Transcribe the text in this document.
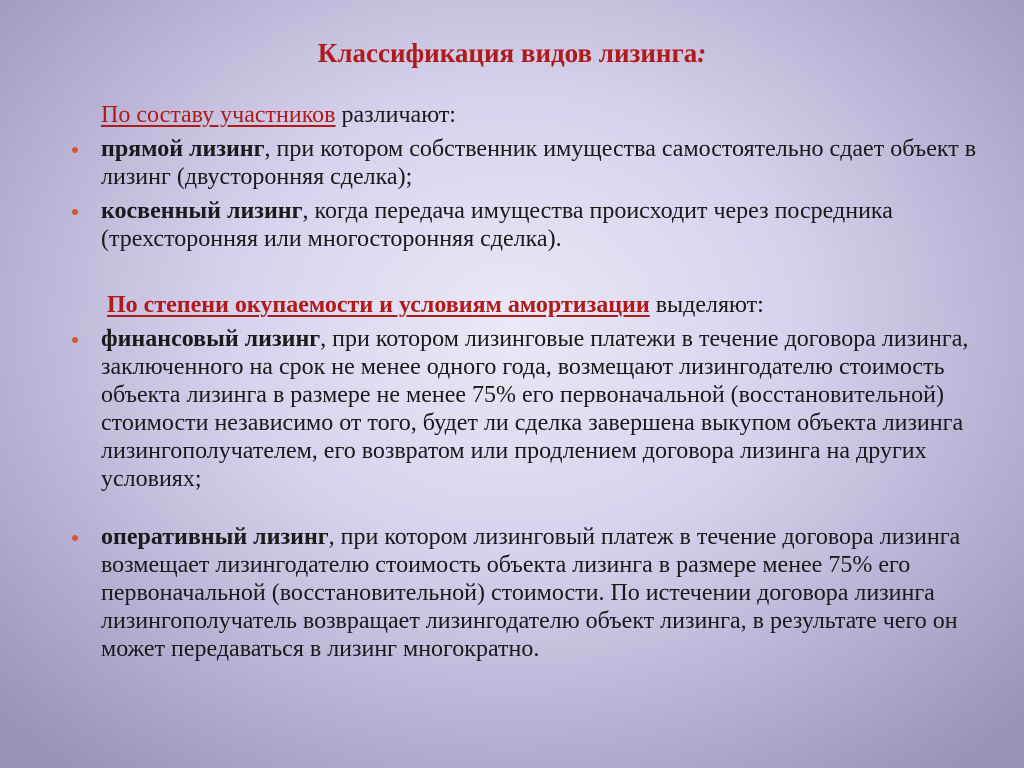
Классификация видов лизинга:
По составу участников различают:
прямой лизинг, при котором собственник имущества самостоятельно сдает объект в лизинг (двусторонняя сделка);
косвенный лизинг, когда передача имущества происходит через посредника (трехсторонняя или многосторонняя сделка).
По степени окупаемости и условиям амортизации выделяют:
финансовый лизинг, при котором лизинговые платежи в течение договора лизинга, заключенного на срок не менее одного года, возмещают лизингодателю стоимость объекта лизинга в размере не менее 75% его первоначальной (восстановительной) стоимости независимо от того, будет ли сделка завершена выкупом объекта лизинга лизингополучателем, его возвратом или продлением договора лизинга на других условиях;
оперативный лизинг, при котором лизинговый платеж в течение договора лизинга возмещает лизингодателю стоимость объекта лизинга в размере менее 75% его первоначальной (восстановительной) стоимости. По истечении договора лизинга лизингополучатель возвращает лизингодателю объект лизинга, в результате чего он может передаваться в лизинг многократно.
